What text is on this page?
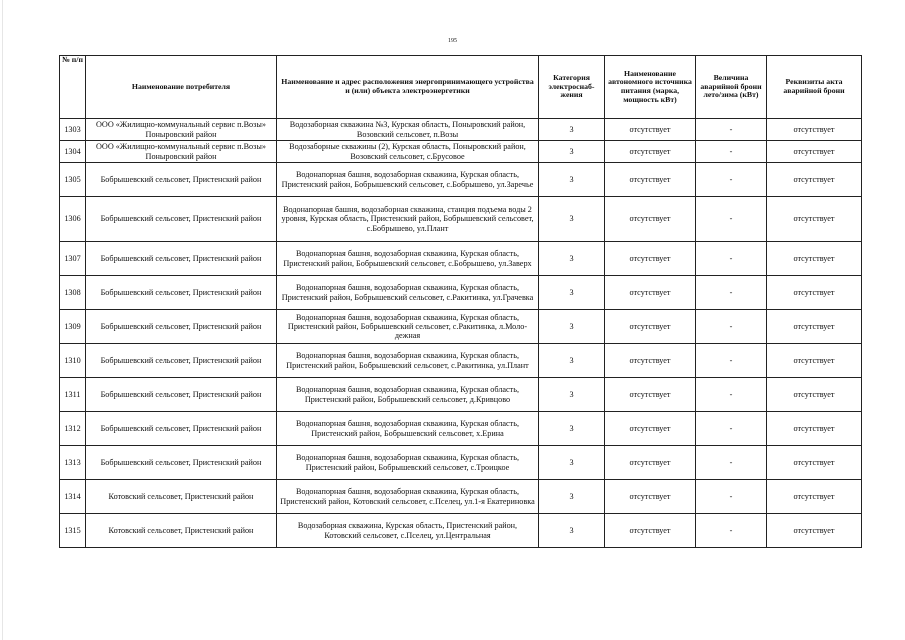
195
№ п/п	Наименование потребителя	Наименование и адрес расположения энергопринимающего устройства и (или) объекта электроэнергетики	Категория электроснаб-жения	Наименование автономного источника питания (марка, мощность кВт)	Величина аварийной брони лето/зима (кВт)	Реквизиты акта аварийной брони
1303	ООО «Жилищно-коммунальный сервис п.Возы» Поныровский район	Водозаборная скважина №3, Курская область, Поныровский район, Возовский сельсовет, п.Возы	3	отсутствует	-	отсутствует
1304	ООО «Жилищно-коммунальный сервис п.Возы» Поныровский район	Водозаборные скважины (2), Курская область, Поныровский район, Возовский сельсовет, с.Брусовое	3	отсутствует	-	отсутствует
1305	Бобрышевский сельсовет, Пристенский район	Водонапорная башня, водозаборная скважина, Курская область, Пристенский район, Бобрышевский сельсовет, с.Бобрышево, ул.Заречье	3	отсутствует	-	отсутствует
1306	Бобрышевский сельсовет, Пристенский район	Водонапорная башня, водозаборная скважина, станция подъема воды 2 уровня, Курская область, Пристенский район, Бобрышевский сельсовет, с.Бобрышево, ул.Плант	3	отсутствует	-	отсутствует
1307	Бобрышевский сельсовет, Пристенский район	Водонапорная башня, водозаборная скважина, Курская область, Пристенский район, Бобрышевский сельсовет, с.Бобрышево, ул.Заверх	3	отсутствует	-	отсутствует
1308	Бобрышевский сельсовет, Пристенский район	Водонапорная башня, водозаборная скважина, Курская область, Пристенский район, Бобрышевский сельсовет, с.Ракитинка, ул.Грачевка	3	отсутствует	-	отсутствует
1309	Бобрышевский сельсовет, Пристенский район	Водонапорная башня, водозаборная скважина, Курская область, Пристенский район, Бобрышевский сельсовет, с.Ракитинка, л.Молодежная	3	отсутствует	-	отсутствует
1310	Бобрышевский сельсовет, Пристенский район	Водонапорная башня, водозаборная скважина, Курская область, Пристенский район, Бобрышевский сельсовет, с.Ракитинка, ул.Плант	3	отсутствует	-	отсутствует
1311	Бобрышевский сельсовет, Пристенский район	Водонапорная башня, водозаборная скважина, Курская область, Пристенский район, Бобрышевский сельсовет, д.Кривцово	3	отсутствует	-	отсутствует
1312	Бобрышевский сельсовет, Пристенский район	Водонапорная башня, водозаборная скважина, Курская область, Пристенский район, Бобрышевский сельсовет, х.Ерина	3	отсутствует	-	отсутствует
1313	Бобрышевский сельсовет, Пристенский район	Водонапорная башня, водозаборная скважина, Курская область, Пристенский район, Бобрышевский сельсовет, с.Троицкое	3	отсутствует	-	отсутствует
1314	Котовский сельсовет, Пристенский район	Водонапорная башня, водозаборная скважина, Курская область, Пристенский район, Котовский сельсовет, с.Пселец, ул.1-я Екатериновка	3	отсутствует	-	отсутствует
1315	Котовский сельсовет, Пристенский район	Водозаборная скважина, Курская область, Пристенский район, Котовский сельсовет, с.Пселец, ул.Центральная	3	отсутствует	-	отсутствует
